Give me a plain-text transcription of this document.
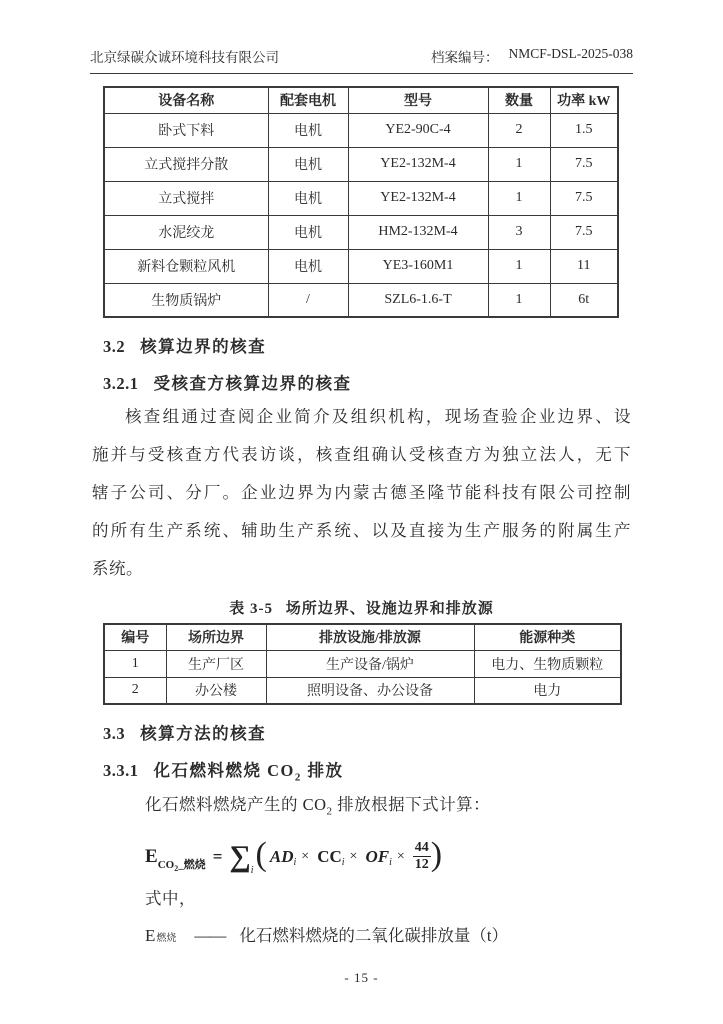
北京绿碳众诚环境科技有限公司	档案编号： NMCF-DSL-2025-038
设备名称	配套电机	型号	数量	功率 kW
卧式下料	电机	YE2-90C-4	2	1.5
立式搅拌分散	电机	YE2-132M-4	1	7.5
立式搅拌	电机	YE2-132M-4	1	7.5
水泥绞龙	电机	HM2-132M-4	3	7.5
新料仓颗粒风机	电机	YE3-160M1	1	11
生物质锅炉	/	SZL6-1.6-T	1	6t
3.2 核算边界的核查
3.2.1 受核查方核算边界的核查
核查组通过查阅企业简介及组织机构，现场查验企业边界、设
施并与受核查方代表访谈，核查组确认受核查方为独立法人，无下
辖子公司、分厂。企业边界为内蒙古德圣隆节能科技有限公司控制
的所有生产系统、辅助生产系统、以及直接为生产服务的附属生产
系统。
表 3-5 场所边界、设施边界和排放源
编号	场所边界	排放设施/排放源	能源种类
1	生产厂区	生产设备/锅炉	电力、生物质颗粒
2	办公楼	照明设备、办公设备	电力
3.3 核算方法的核查
3.3.1 化石燃料燃烧 $CO_2$ 排放
化石燃料燃烧产生的 $CO_2$ 排放根据下式计算：
E $CO_2\_$燃烧 = ∑ i ( AD i × CC i × OF $i \times \frac{44}{12}$ )
式中，
E 燃烧 —— 化石燃料燃烧的二氧化碳排放量（t）
- 15 -
